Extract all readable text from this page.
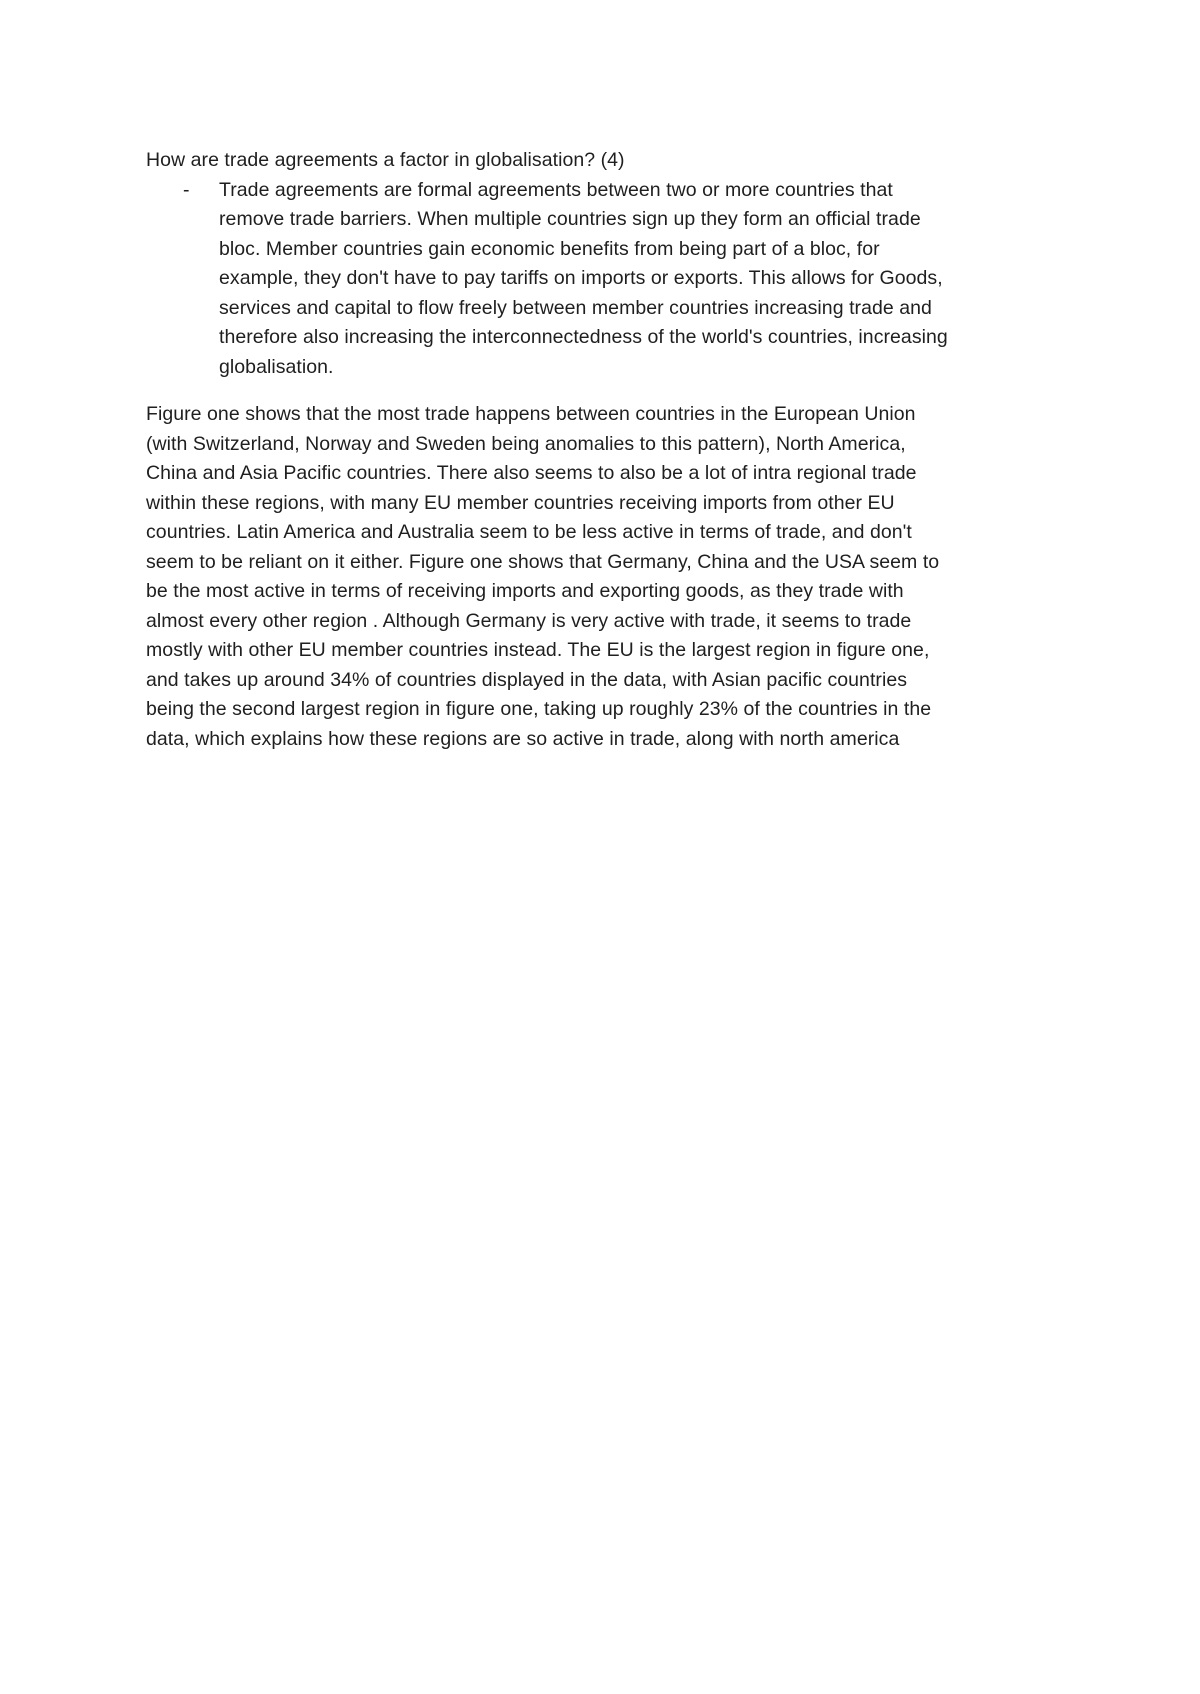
How are trade agreements a factor in globalisation? (4)

- Trade agreements are formal agreements between two or more countries that
remove trade barriers. When multiple countries sign up they form an official trade
bloc. Member countries gain economic benefits from being part of a bloc, for
example, they don't have to pay tariffs on imports or exports. This allows for Goods,
services and capital to flow freely between member countries increasing trade and
therefore also increasing the interconnectedness of the world's countries, increasing
globalisation.

Figure one shows that the most trade happens between countries in the European Union
(with Switzerland, Norway and Sweden being anomalies to this pattern), North America,
China and Asia Pacific countries. There also seems to also be a lot of intra regional trade
within these regions, with many EU member countries receiving imports from other EU
countries. Latin America and Australia seem to be less active in terms of trade, and don't
seem to be reliant on it either. Figure one shows that Germany, China and the USA seem to
be the most active in terms of receiving imports and exporting goods, as they trade with
almost every other region . Although Germany is very active with trade, it seems to trade
mostly with other EU member countries instead. The EU is the largest region in figure one,
and takes up around 34% of countries displayed in the data, with Asian pacific countries
being the second largest region in figure one, taking up roughly 23% of the countries in the
data, which explains how these regions are so active in trade, along with north america
